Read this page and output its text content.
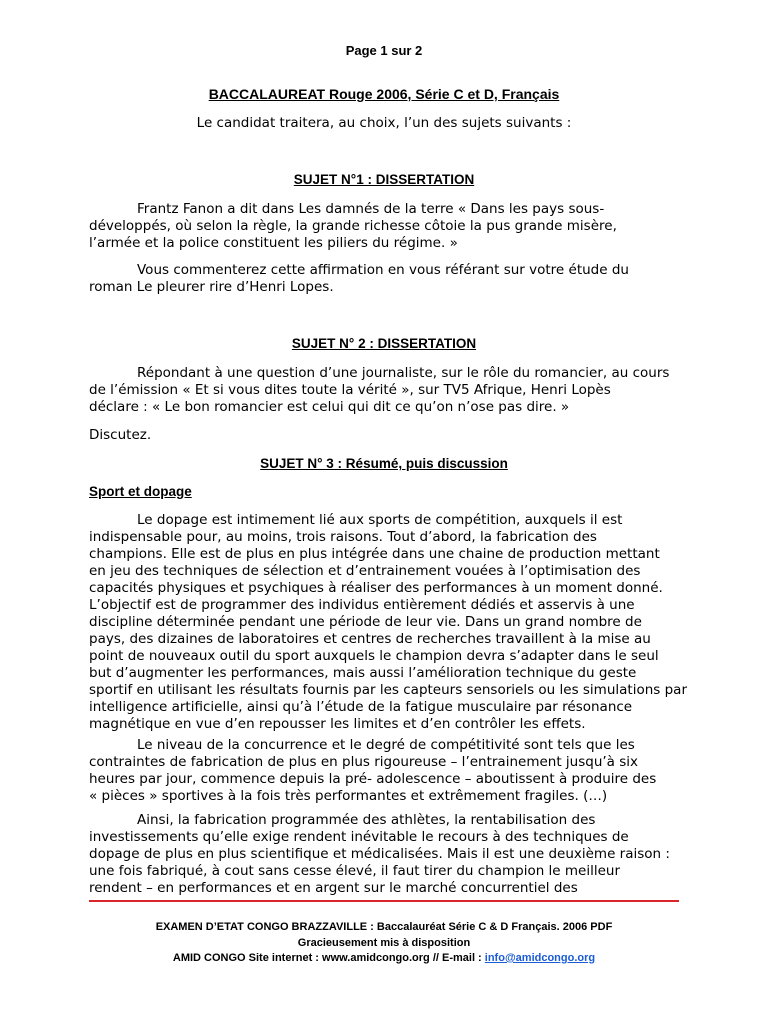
Page 1 sur 2
BACCALAUREAT Rouge 2006, Série C et D, Français
Le candidat traitera, au choix, l’un des sujets suivants :
SUJET N°1 : DISSERTATION
Frantz Fanon a dit dans Les damnés de la terre « Dans les pays sous-
développés, où selon la règle, la grande richesse côtoie la pus grande misère,
l’armée et la police constituent les piliers du régime. »
Vous commenterez cette affirmation en vous référant sur votre étude du
roman Le pleurer rire d’Henri Lopes.
SUJET N° 2 : DISSERTATION
Répondant à une question d’une journaliste, sur le rôle du romancier, au cours
de l’émission « Et si vous dites toute la vérité », sur TV5 Afrique, Henri Lopès
déclare : « Le bon romancier est celui qui dit ce qu’on n’ose pas dire. »
Discutez.
SUJET N° 3 : Résumé, puis discussion
Sport et dopage
Le dopage est intimement lié aux sports de compétition, auxquels il est
indispensable pour, au moins, trois raisons. Tout d’abord, la fabrication des
champions. Elle est de plus en plus intégrée dans une chaine de production mettant
en jeu des techniques de sélection et d’entrainement vouées à l’optimisation des
capacités physiques et psychiques à réaliser des performances à un moment donné.
L’objectif est de programmer des individus entièrement dédiés et asservis à une
discipline déterminée pendant une période de leur vie. Dans un grand nombre de
pays, des dizaines de laboratoires et centres de recherches travaillent à la mise au
point de nouveaux outil du sport auxquels le champion devra s’adapter dans le seul
but d’augmenter les performances, mais aussi l’amélioration technique du geste
sportif en utilisant les résultats fournis par les capteurs sensoriels ou les simulations par
intelligence artificielle, ainsi qu’à l’étude de la fatigue musculaire par résonance
magnétique en vue d’en repousser les limites et d’en contrôler les effets.
Le niveau de la concurrence et le degré de compétitivité sont tels que les
contraintes de fabrication de plus en plus rigoureuse – l’entrainement jusqu’à six
heures par jour, commence depuis la pré- adolescence – aboutissent à produire des
« pièces » sportives à la fois très performantes et extrêmement fragiles. (…)
Ainsi, la fabrication programmée des athlètes, la rentabilisation des
investissements qu’elle exige rendent inévitable le recours à des techniques de
dopage de plus en plus scientifique et médicalisées. Mais il est une deuxième raison :
une fois fabriqué, à cout sans cesse élevé, il faut tirer du champion le meilleur
rendent – en performances et en argent sur le marché concurrentiel des
EXAMEN D’ETAT CONGO BRAZZAVILLE : Baccalauréat Série C & D Français. 2006 PDF
Gracieusement mis à disposition
AMID CONGO Site internet : www.amidcongo.org // E-mail : info@amidcongo.org
